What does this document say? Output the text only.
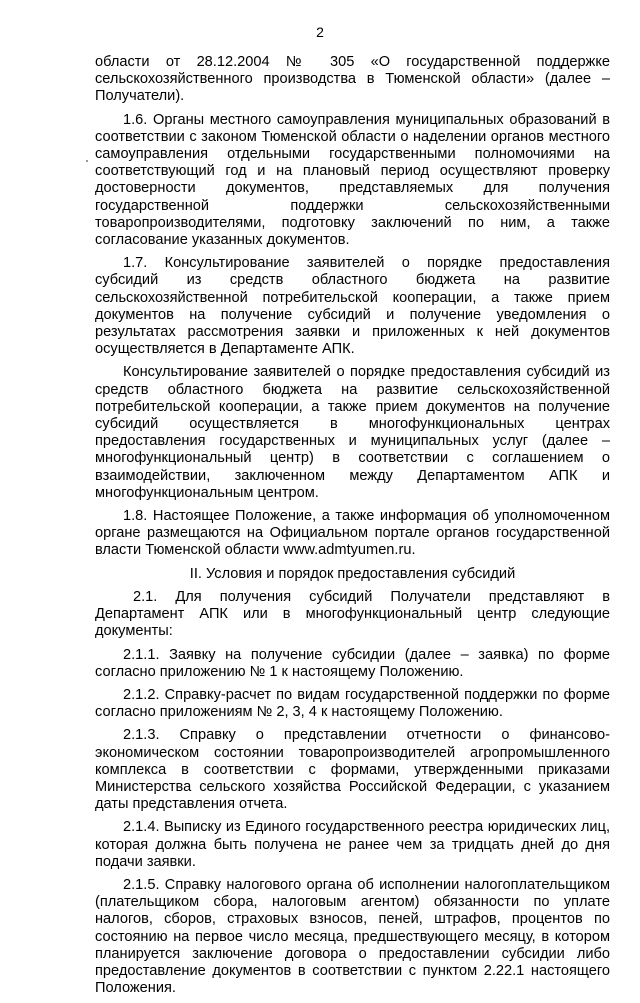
2

области от 28.12.2004 № 305 «О государственной поддержке сельскохозяйственного производства в Тюменской области» (далее – Получатели).

1.6. Органы местного самоуправления муниципальных образований в соответствии с законом Тюменской области о наделении органов местного самоуправления отдельными государственными полномочиями на соответствующий год и на плановый период осуществляют проверку достоверности документов, представляемых для получения государственной поддержки сельскохозяйственными товаропроизводителями, подготовку заключений по ним, а также согласование указанных документов.

1.7. Консультирование заявителей о порядке предоставления субсидий из средств областного бюджета на развитие сельскохозяйственной потребительской кооперации, а также прием документов на получение субсидий и получение уведомления о результатах рассмотрения заявки и приложенных к ней документов осуществляется в Департаменте АПК.

Консультирование заявителей о порядке предоставления субсидий из средств областного бюджета на развитие сельскохозяйственной потребительской кооперации, а также прием документов на получение субсидий осуществляется в многофункциональных центрах предоставления государственных и муниципальных услуг (далее – многофункциональный центр) в соответствии с соглашением о взаимодействии, заключенном между Департаментом АПК и многофункциональным центром.

1.8. Настоящее Положение, а также информация об уполномоченном органе размещаются на Официальном портале органов государственной власти Тюменской области www.admtyumen.ru.

II. Условия и порядок предоставления субсидий

2.1. Для получения субсидий Получатели представляют в Департамент АПК или в многофункциональный центр следующие документы:

2.1.1. Заявку на получение субсидии (далее – заявка) по форме согласно приложению № 1 к настоящему Положению.

2.1.2. Справку-расчет по видам государственной поддержки по форме согласно приложениям № 2, 3, 4 к настоящему Положению.

2.1.3. Справку о представлении отчетности о финансово-экономическом состоянии товаропроизводителей агропромышленного комплекса в соответствии с формами, утвержденными приказами Министерства сельского хозяйства Российской Федерации, с указанием даты представления отчета.

2.1.4. Выписку из Единого государственного реестра юридических лиц, которая должна быть получена не ранее чем за тридцать дней до дня подачи заявки.

2.1.5. Справку налогового органа об исполнении налогоплательщиком (плательщиком сбора, налоговым агентом) обязанности по уплате налогов, сборов, страховых взносов, пеней, штрафов, процентов по состоянию на первое число месяца, предшествующего месяцу, в котором планируется заключение договора о предоставлении субсидии либо предоставление документов в соответствии с пунктом 2.22.1 настоящего Положения.
